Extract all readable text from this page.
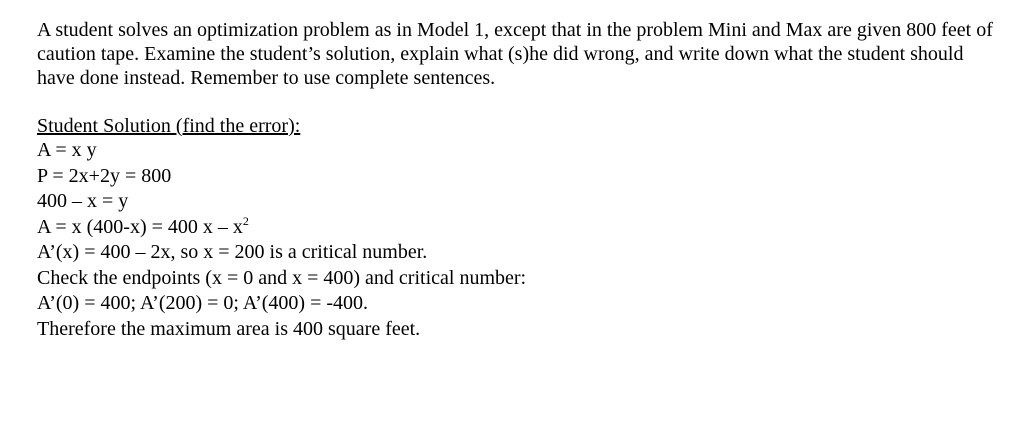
A student solves an optimization problem as in Model 1, except that in the problem Mini and Max are given 800 feet of caution tape. Examine the student’s solution, explain what (s)he did wrong, and write down what the student should have done instead. Remember to use complete sentences.

Student Solution (find the error):

A = x y
P = 2x+2y = 800
400 – x = y
A = x (400-x) = 400 x – $x^2$
A’(x) = 400 – 2x, so x = 200 is a critical number.
Check the endpoints (x = 0 and x = 400) and critical number:
A’(0) = 400; A’(200) = 0; A’(400) = -400.
Therefore the maximum area is 400 square feet.
